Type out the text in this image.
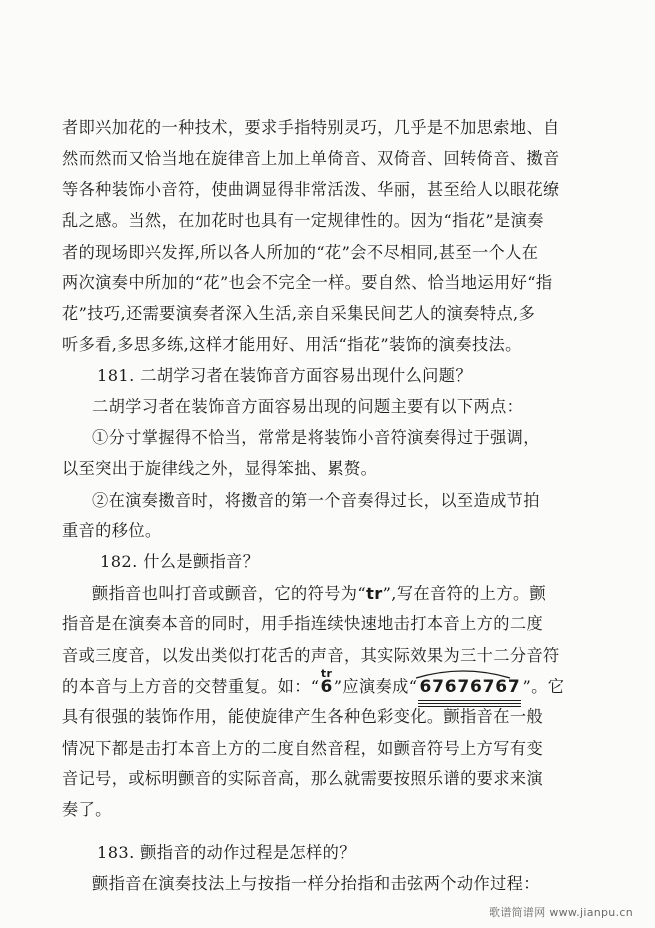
者即兴加花的一种技术，要求手指特别灵巧，几乎是不加思索地、自
然而然而又恰当地在旋律音上加上单倚音、双倚音、回转倚音、擞音
等各种装饰小音符，使曲调显得非常活泼、华丽，甚至给人以眼花缭
乱之感。当然，在加花时也具有一定规律性的。因为“指花”是演奏
者的现场即兴发挥,所以各人所加的“花”会不尽相同,甚至一个人在
两次演奏中所加的“花”也会不完全一样。要自然、恰当地运用好“指
花”技巧,还需要演奏者深入生活,亲自采集民间艺人的演奏特点,多
听多看,多思多练,这样才能用好、用活“指花”装饰的演奏技法。
181. 二胡学习者在装饰音方面容易出现什么问题？
二胡学习者在装饰音方面容易出现的问题主要有以下两点：
①分寸掌握得不恰当，常常是将装饰小音符演奏得过于强调，
以至突出于旋律线之外，显得笨拙、累赘。
②在演奏擞音时，将擞音的第一个音奏得过长，以至造成节拍
重音的移位。
182. 什么是颤指音？
颤指音也叫打音或颤音，它的符号为“tr”,写在音符的上方。颤
指音是在演奏本音的同时，用手指连续快速地击打本音上方的二度
音或三度音，以发出类似打花舌的声音，其实际效果为三十二分音符
的本音与上方音的交替重复。如：“
tr
6”应演奏成“ 67676767 ”。它
具有很强的装饰作用，能使旋律产生各种色彩变化。颤指音在一般
情况下都是击打本音上方的二度自然音程，如颤音符号上方写有变
音记号，或标明颤音的实际音高，那么就需要按照乐谱的要求来演
奏了。
183. 颤指音的动作过程是怎样的？
颤指音在演奏技法上与按指一样分抬指和击弦两个动作过程：
歌谱简谱网 www.jianpu.cn
